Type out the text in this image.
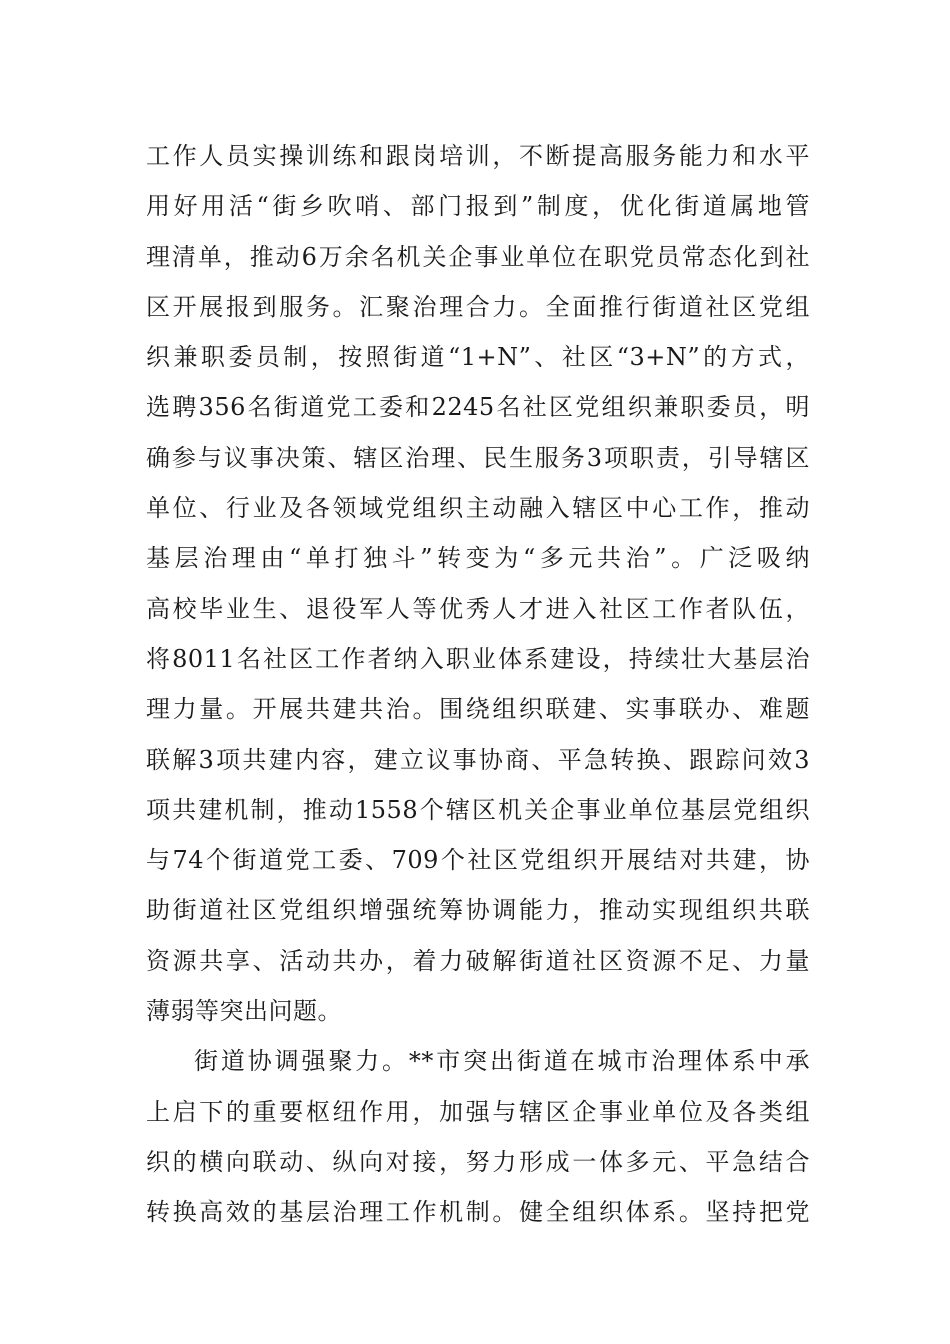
工作人员实操训练和跟岗培训，不断提高服务能力和水平
用好用活“街乡吹哨、部门报到”制度，优化街道属地管
理清单，推动6万余名机关企事业单位在职党员常态化到社
区开展报到服务。汇聚治理合力。全面推行街道社区党组
织兼职委员制，按照街道“1+N”、社区“3+N”的方式，
选聘356名街道党工委和2245名社区党组织兼职委员，明
确参与议事决策、辖区治理、民生服务3项职责，引导辖区
单位、行业及各领域党组织主动融入辖区中心工作，推动
基层治理由“单打独斗”转变为“多元共治”。广泛吸纳
高校毕业生、退役军人等优秀人才进入社区工作者队伍，
将8011名社区工作者纳入职业体系建设，持续壮大基层治
理力量。开展共建共治。围绕组织联建、实事联办、难题
联解3项共建内容，建立议事协商、平急转换、跟踪问效3
项共建机制，推动1558个辖区机关企事业单位基层党组织
与74个街道党工委、709个社区党组织开展结对共建，协
助街道社区党组织增强统筹协调能力，推动实现组织共联
资源共享、活动共办，着力破解街道社区资源不足、力量
薄弱等突出问题。
街道协调强聚力。**市突出街道在城市治理体系中承
上启下的重要枢纽作用，加强与辖区企事业单位及各类组
织的横向联动、纵向对接，努力形成一体多元、平急结合
转换高效的基层治理工作机制。健全组织体系。坚持把党
